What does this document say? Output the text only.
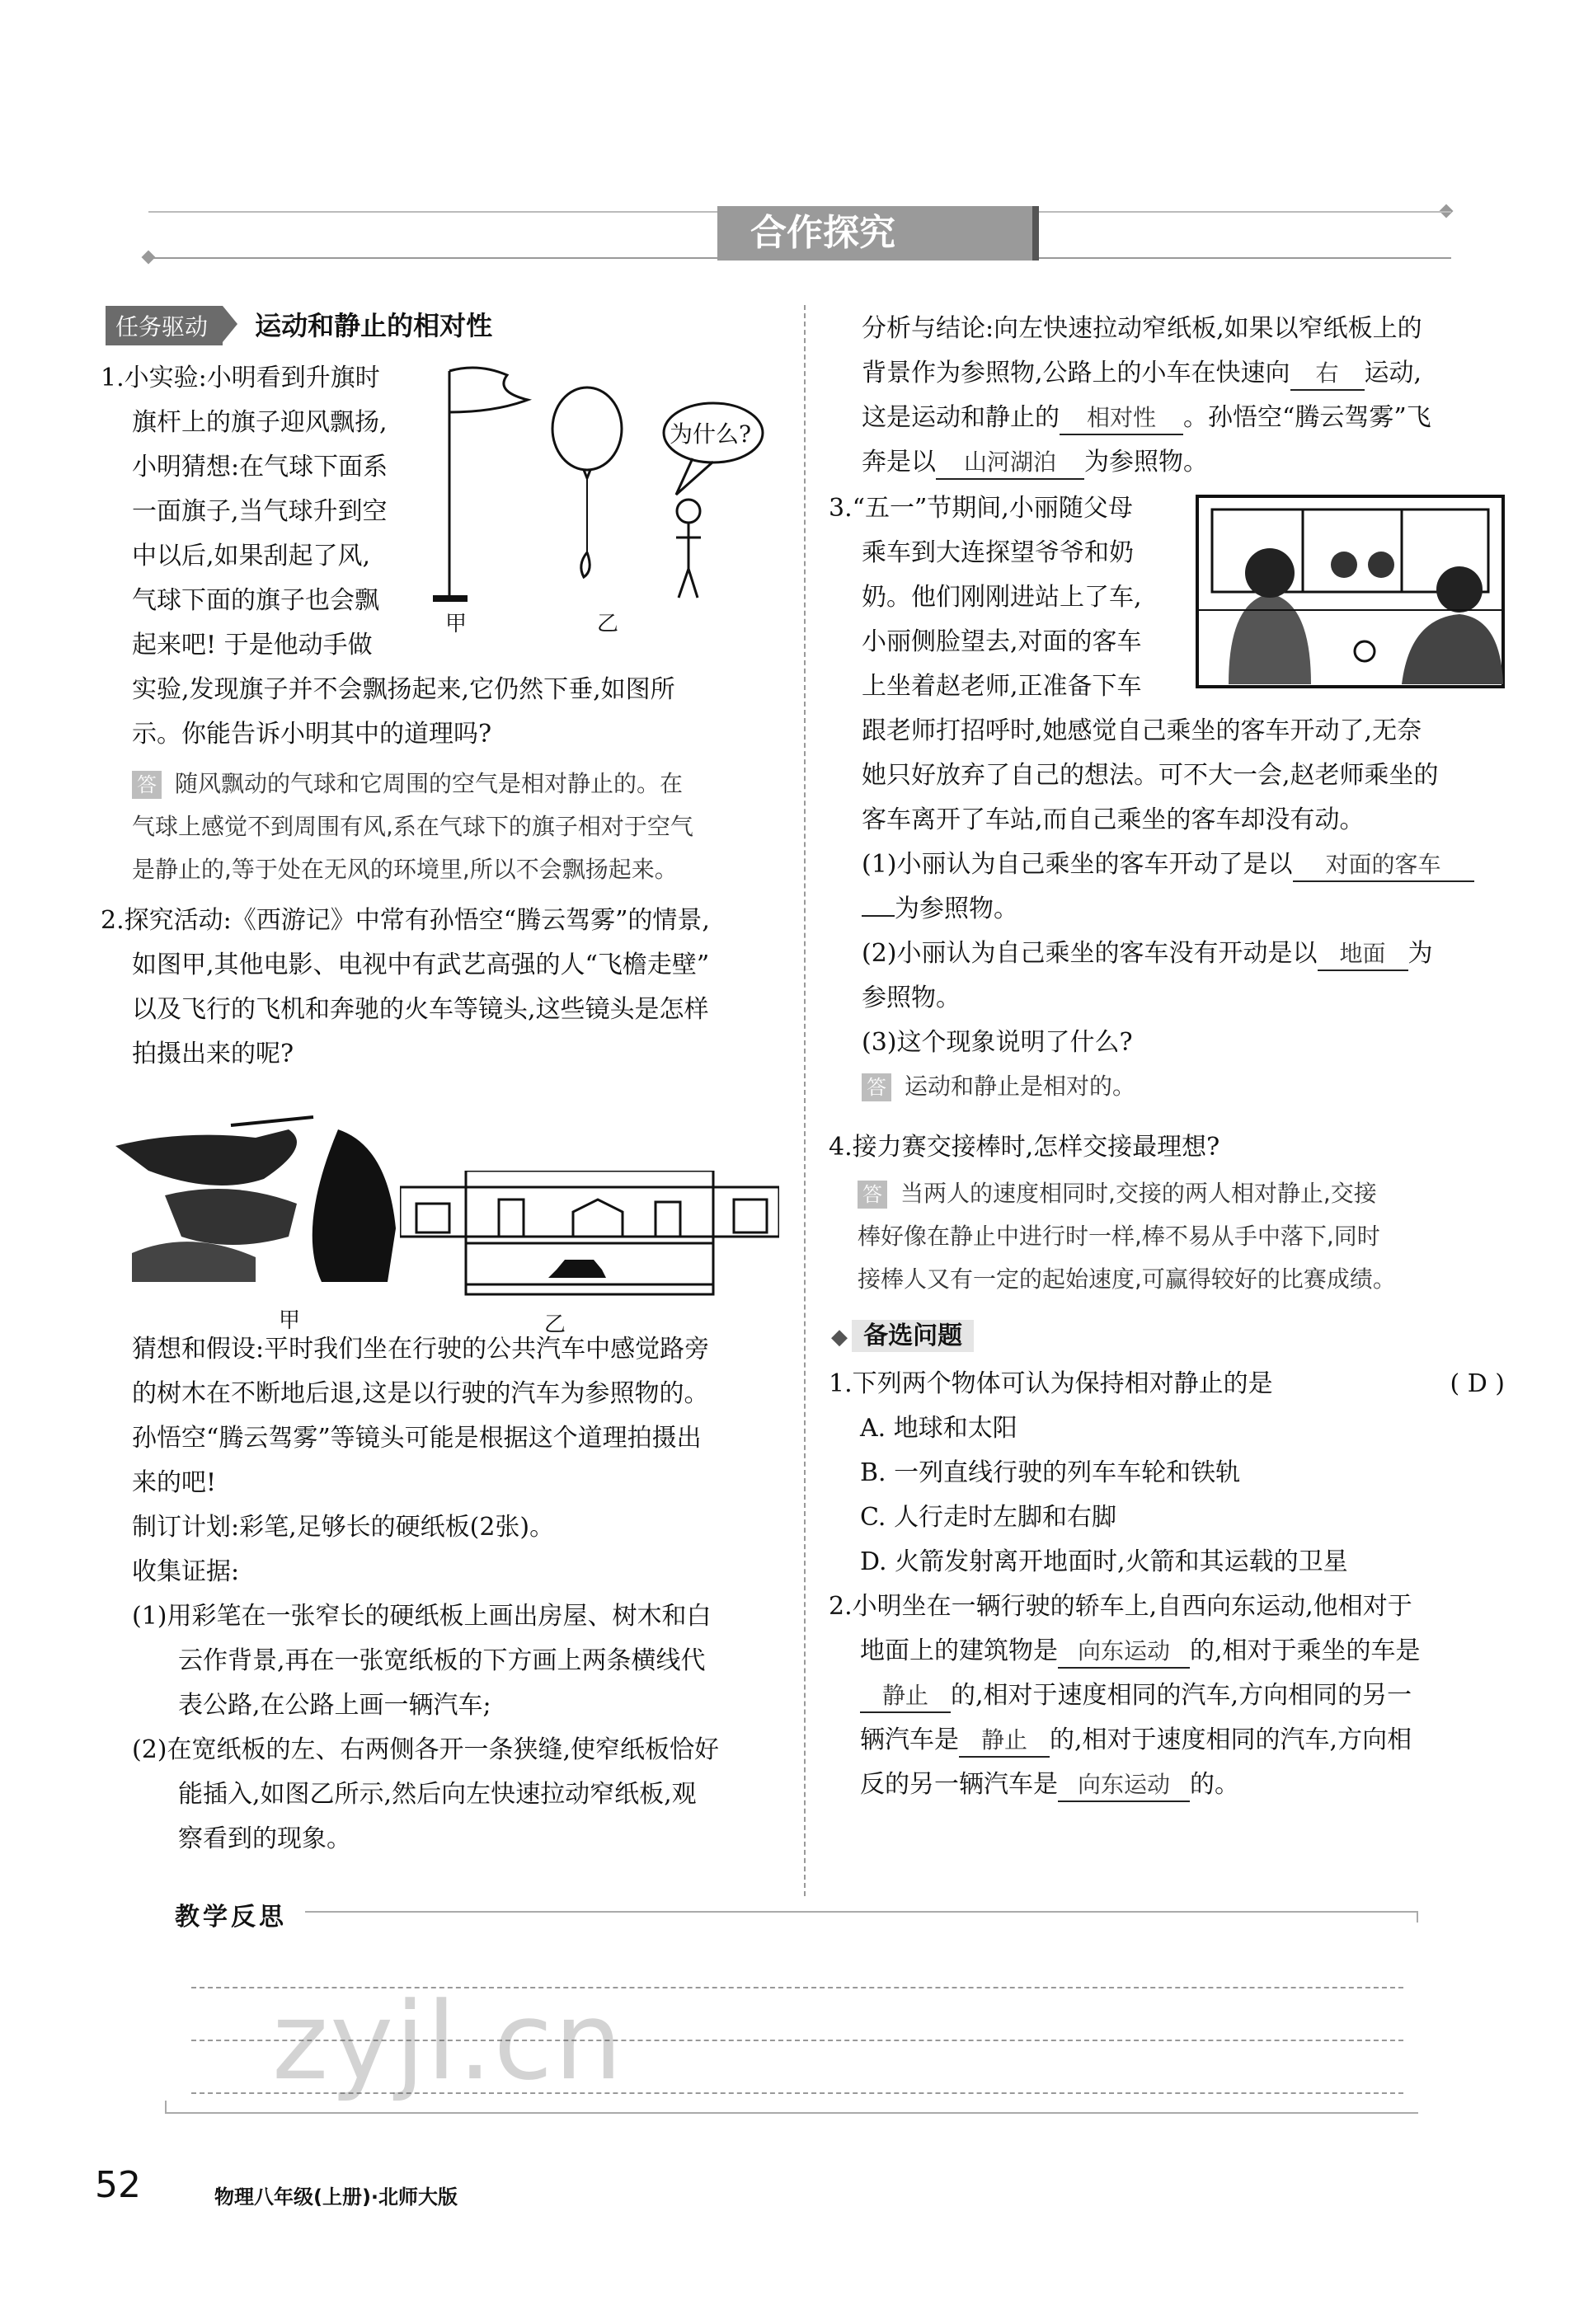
合作探究
任务驱动 运动和静止的相对性

1.小实验:小明看到升旗时

旗杆上的旗子迎风飘扬,

小明猜想:在气球下面系

一面旗子,当气球升到空

中以后,如果刮起了风,

气球下面的旗子也会飘

起来吧! 于是他动手做

为什么?
甲	乙

实验,发现旗子并不会飘扬起来,它仍然下垂,如图所

示。你能告诉小明其中的道理吗?

答 随风飘动的气球和它周围的空气是相对静止的。在

气球上感觉不到周围有风,系在气球下的旗子相对于空气

是静止的,等于处在无风的环境里,所以不会飘扬起来。

2.探究活动:《西游记》中常有孙悟空“腾云驾雾”的情景,

如图甲,其他电影、电视中有武艺高强的人“飞檐走壁”

以及飞行的飞机和奔驰的火车等镜头,这些镜头是怎样

拍摄出来的呢?

甲	乙

猜想和假设:平时我们坐在行驶的公共汽车中感觉路旁

的树木在不断地后退,这是以行驶的汽车为参照物的。

孙悟空“腾云驾雾”等镜头可能是根据这个道理拍摄出

来的吧!

制订计划:彩笔,足够长的硬纸板(2张)。

收集证据:

(1)用彩笔在一张窄长的硬纸板上画出房屋、树木和白

云作背景,再在一张宽纸板的下方画上两条横线代

表公路,在公路上画一辆汽车;

(2)在宽纸板的左、右两侧各开一条狭缝,使窄纸板恰好

能插入,如图乙所示,然后向左快速拉动窄纸板,观

察看到的现象。

分析与结论:向左快速拉动窄纸板,如果以窄纸板上的

背景作为参照物,公路上的小车在快速向 右 运动,

这是运动和静止的 相对性 。孙悟空“腾云驾雾”飞

奔是以 山河湖泊 为参照物。

3.“五一”节期间,小丽随父母

乘车到大连探望爷爷和奶

奶。他们刚刚进站上了车,

小丽侧脸望去,对面的客车

上坐着赵老师,正准备下车

跟老师打招呼时,她感觉自己乘坐的客车开动了,无奈

她只好放弃了自己的想法。可不大一会,赵老师乘坐的

客车离开了车站,而自己乘坐的客车却没有动。

(1)小丽认为自己乘坐的客车开动了是以 对面的客车

为参照物。

(2)小丽认为自己乘坐的客车没有开动是以 地面 为

参照物。

(3)这个现象说明了什么?

答 运动和静止是相对的。

4.接力赛交接棒时,怎样交接最理想?

答 当两人的速度相同时,交接的两人相对静止,交接

棒好像在静止中进行时一样,棒不易从手中落下,同时

接棒人又有一定的起始速度,可赢得较好的比赛成绩。

◆ 备选问题

1.下列两个物体可认为保持相对静止的是	( D )

A. 地球和太阳

B. 一列直线行驶的列车车轮和铁轨

C. 人行走时左脚和右脚

D. 火箭发射离开地面时,火箭和其运载的卫星

2.小明坐在一辆行驶的轿车上,自西向东运动,他相对于

地面上的建筑物是 向东运动 的,相对于乘坐的车是

静止 的,相对于速度相同的汽车,方向相同的另一

辆汽车是 静止 的,相对于速度相同的汽车,方向相

反的另一辆汽车是 向东运动 的。

教学反思
zyjl.cn
52	物理八年级(上册)·北师大版
